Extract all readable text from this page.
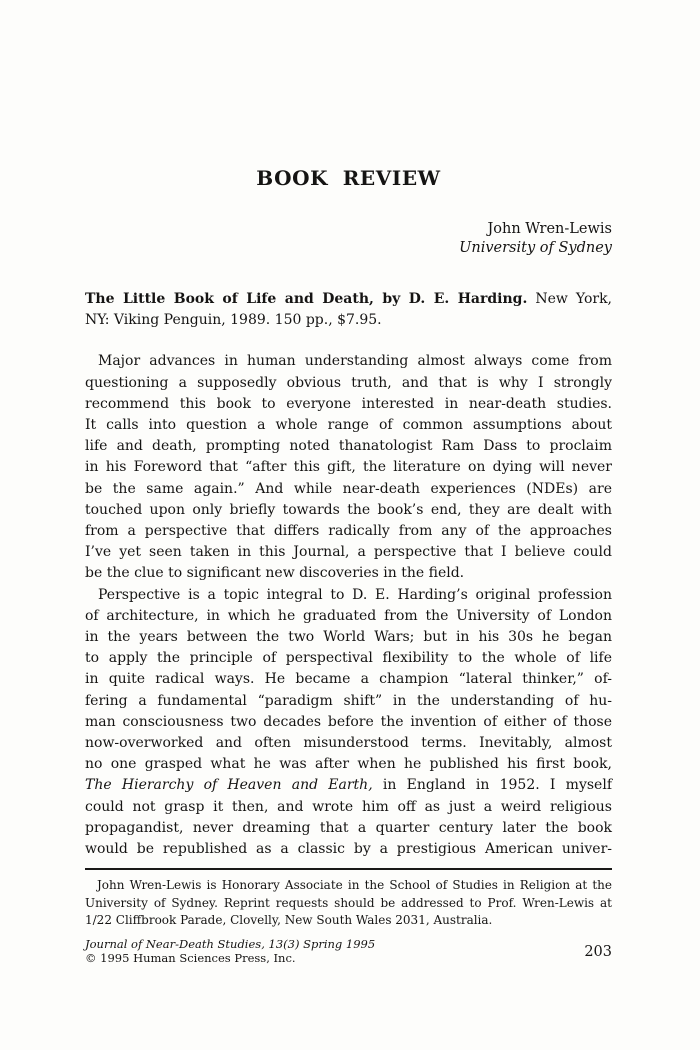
BOOK REVIEW
John Wren-Lewis
University of Sydney
The Little Book of Life and Death, by D. E. Harding. New York,
NY: Viking Penguin, 1989. 150 pp., $7.95.
Major advances in human understanding almost always come from
questioning a supposedly obvious truth, and that is why I strongly
recommend this book to everyone interested in near-death studies.
It calls into question a whole range of common assumptions about
life and death, prompting noted thanatologist Ram Dass to proclaim
in his Foreword that “after this gift, the literature on dying will never
be the same again.” And while near-death experiences (NDEs) are
touched upon only briefly towards the book’s end, they are dealt with
from a perspective that differs radically from any of the approaches
I’ve yet seen taken in this Journal, a perspective that I believe could
be the clue to significant new discoveries in the field.
Perspective is a topic integral to D. E. Harding’s original profession
of architecture, in which he graduated from the University of London
in the years between the two World Wars; but in his 30s he began
to apply the principle of perspectival flexibility to the whole of life
in quite radical ways. He became a champion “lateral thinker,” of-
fering a fundamental “paradigm shift” in the understanding of hu-
man consciousness two decades before the invention of either of those
now-overworked and often misunderstood terms. Inevitably, almost
no one grasped what he was after when he published his first book,
The Hierarchy of Heaven and Earth, in England in 1952. I myself
could not grasp it then, and wrote him off as just a weird religious
propagandist, never dreaming that a quarter century later the book
would be republished as a classic by a prestigious American univer-
John Wren-Lewis is Honorary Associate in the School of Studies in Religion at the
University of Sydney. Reprint requests should be addressed to Prof. Wren-Lewis at
1/22 Cliffbrook Parade, Clovelly, New South Wales 2031, Australia.
Journal of Near-Death Studies, 13(3) Spring 1995
© 1995 Human Sciences Press, Inc.	203
